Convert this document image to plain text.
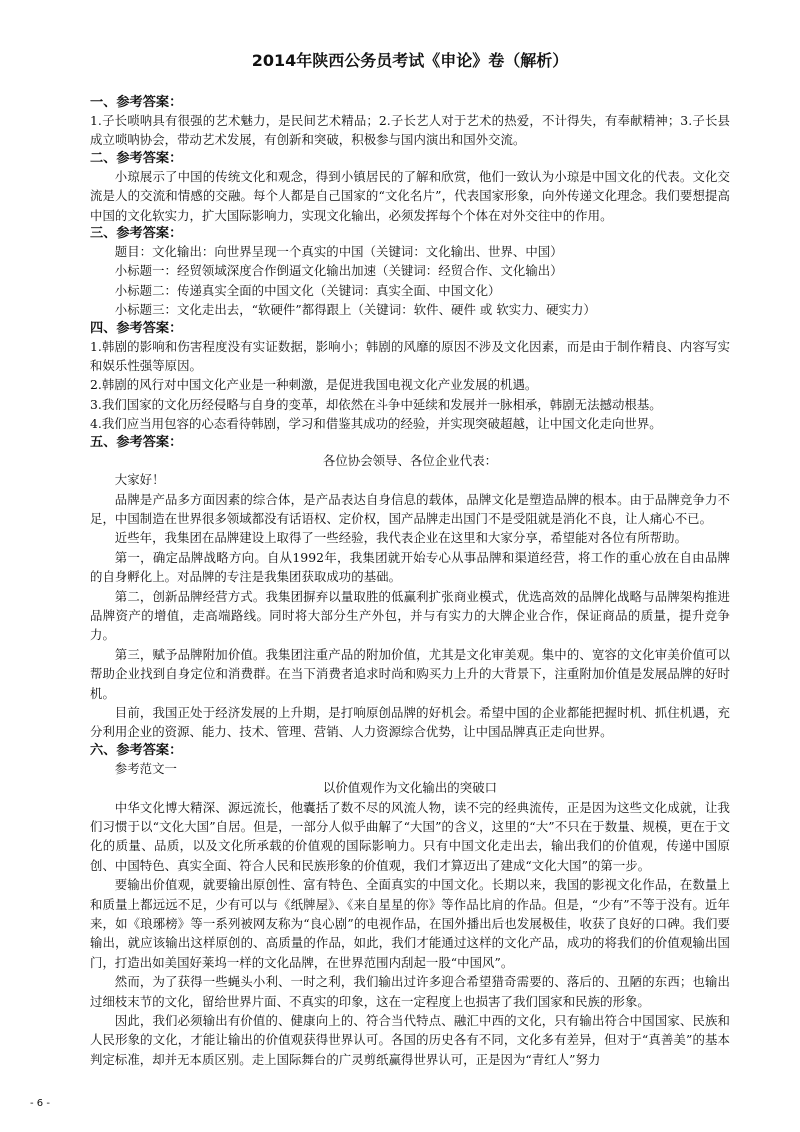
2014年陕西公务员考试《申论》卷（解析）
一、参考答案：
1.子长唢呐具有很强的艺术魅力，是民间艺术精品；2.子长艺人对于艺术的热爱，不计得失，有奉献精神；3.子长县成立唢呐协会，带动艺术发展，有创新和突破，积极参与国内演出和国外交流。
二、参考答案：
小琼展示了中国的传统文化和观念，得到小镇居民的了解和欣赏，他们一致认为小琼是中国文化的代表。文化交流是人的交流和情感的交融。每个人都是自己国家的“文化名片”，代表国家形象，向外传递文化理念。我们要想提高中国的文化软实力，扩大国际影响力，实现文化输出，必须发挥每个个体在对外交往中的作用。
三、参考答案：
题目：文化输出：向世界呈现一个真实的中国（关键词：文化输出、世界、中国）
小标题一：经贸领域深度合作倒逼文化输出加速（关键词：经贸合作、文化输出）
小标题二：传递真实全面的中国文化（关键词：真实全面、中国文化）
小标题三：文化走出去，“软硬件”都得跟上（关键词：软件、硬件 或 软实力、硬实力）
四、参考答案：
1.韩剧的影响和伤害程度没有实证数据，影响小；韩剧的风靡的原因不涉及文化因素，而是由于制作精良、内容写实和娱乐性强等原因。
2.韩剧的风行对中国文化产业是一种刺激，是促进我国电视文化产业发展的机遇。
3.我们国家的文化历经侵略与自身的变革，却依然在斗争中延续和发展并一脉相承，韩剧无法撼动根基。
4.我们应当用包容的心态看待韩剧，学习和借鉴其成功的经验，并实现突破超越，让中国文化走向世界。
五、参考答案：
各位协会领导、各位企业代表：
大家好！
品牌是产品多方面因素的综合体，是产品表达自身信息的载体，品牌文化是塑造品牌的根本。由于品牌竞争力不足，中国制造在世界很多领域都没有话语权、定价权，国产品牌走出国门不是受阻就是消化不良，让人痛心不已。
近些年，我集团在品牌建设上取得了一些经验，我代表企业在这里和大家分享，希望能对各位有所帮助。
第一，确定品牌战略方向。自从1992年，我集团就开始专心从事品牌和渠道经营，将工作的重心放在自由品牌的自身孵化上。对品牌的专注是我集团获取成功的基础。
第二，创新品牌经营方式。我集团摒弃以量取胜的低赢利扩张商业模式，优选高效的品牌化战略与品牌架构推进品牌资产的增值，走高端路线。同时将大部分生产外包，并与有实力的大牌企业合作，保证商品的质量，提升竞争力。
第三，赋予品牌附加价值。我集团注重产品的附加价值，尤其是文化审美观。集中的、宽容的文化审美价值可以帮助企业找到自身定位和消费群。在当下消费者追求时尚和购买力上升的大背景下，注重附加价值是发展品牌的好时机。
目前，我国正处于经济发展的上升期，是打响原创品牌的好机会。希望中国的企业都能把握时机、抓住机遇，充分利用企业的资源、能力、技术、管理、营销、人力资源综合优势，让中国品牌真正走向世界。
六、参考答案：
参考范文一
以价值观作为文化输出的突破口
中华文化博大精深、源远流长，他囊括了数不尽的风流人物，读不完的经典流传，正是因为这些文化成就，让我们习惯于以“文化大国”自居。但是，一部分人似乎曲解了“大国”的含义，这里的“大”不只在于数量、规模，更在于文化的质量、品质，以及文化所承载的价值观的国际影响力。只有中国文化走出去，输出我们的价值观，传递中国原创、中国特色、真实全面、符合人民和民族形象的价值观，我们才算迈出了建成“文化大国”的第一步。
要输出价值观，就要输出原创性、富有特色、全面真实的中国文化。长期以来，我国的影视文化作品，在数量上和质量上都远远不足，少有可以与《纸牌屋》、《来自星星的你》等作品比肩的作品。但是，“少有”不等于没有。近年来，如《琅琊榜》等一系列被网友称为“良心剧”的电视作品，在国外播出后也发展极佳，收获了良好的口碑。我们要输出，就应该输出这样原创的、高质量的作品，如此，我们才能通过这样的文化产品，成功的将我们的价值观输出国门，打造出如美国好莱坞一样的文化品牌，在世界范围内刮起一股“中国风”。
然而，为了获得一些蝇头小利、一时之利，我们输出过许多迎合希望猎奇需要的、落后的、丑陋的东西；也输出过细枝末节的文化，留给世界片面、不真实的印象，这在一定程度上也损害了我们国家和民族的形象。
因此，我们必须输出有价值的、健康向上的、符合当代特点、融汇中西的文化，只有输出符合中国国家、民族和人民形象的文化，才能让输出的价值观获得世界认可。各国的历史各有不同，文化多有差异，但对于“真善美”的基本判定标准，却并无本质区别。走上国际舞台的广灵剪纸赢得世界认可，正是因为“青红人”努力
- 6 -
